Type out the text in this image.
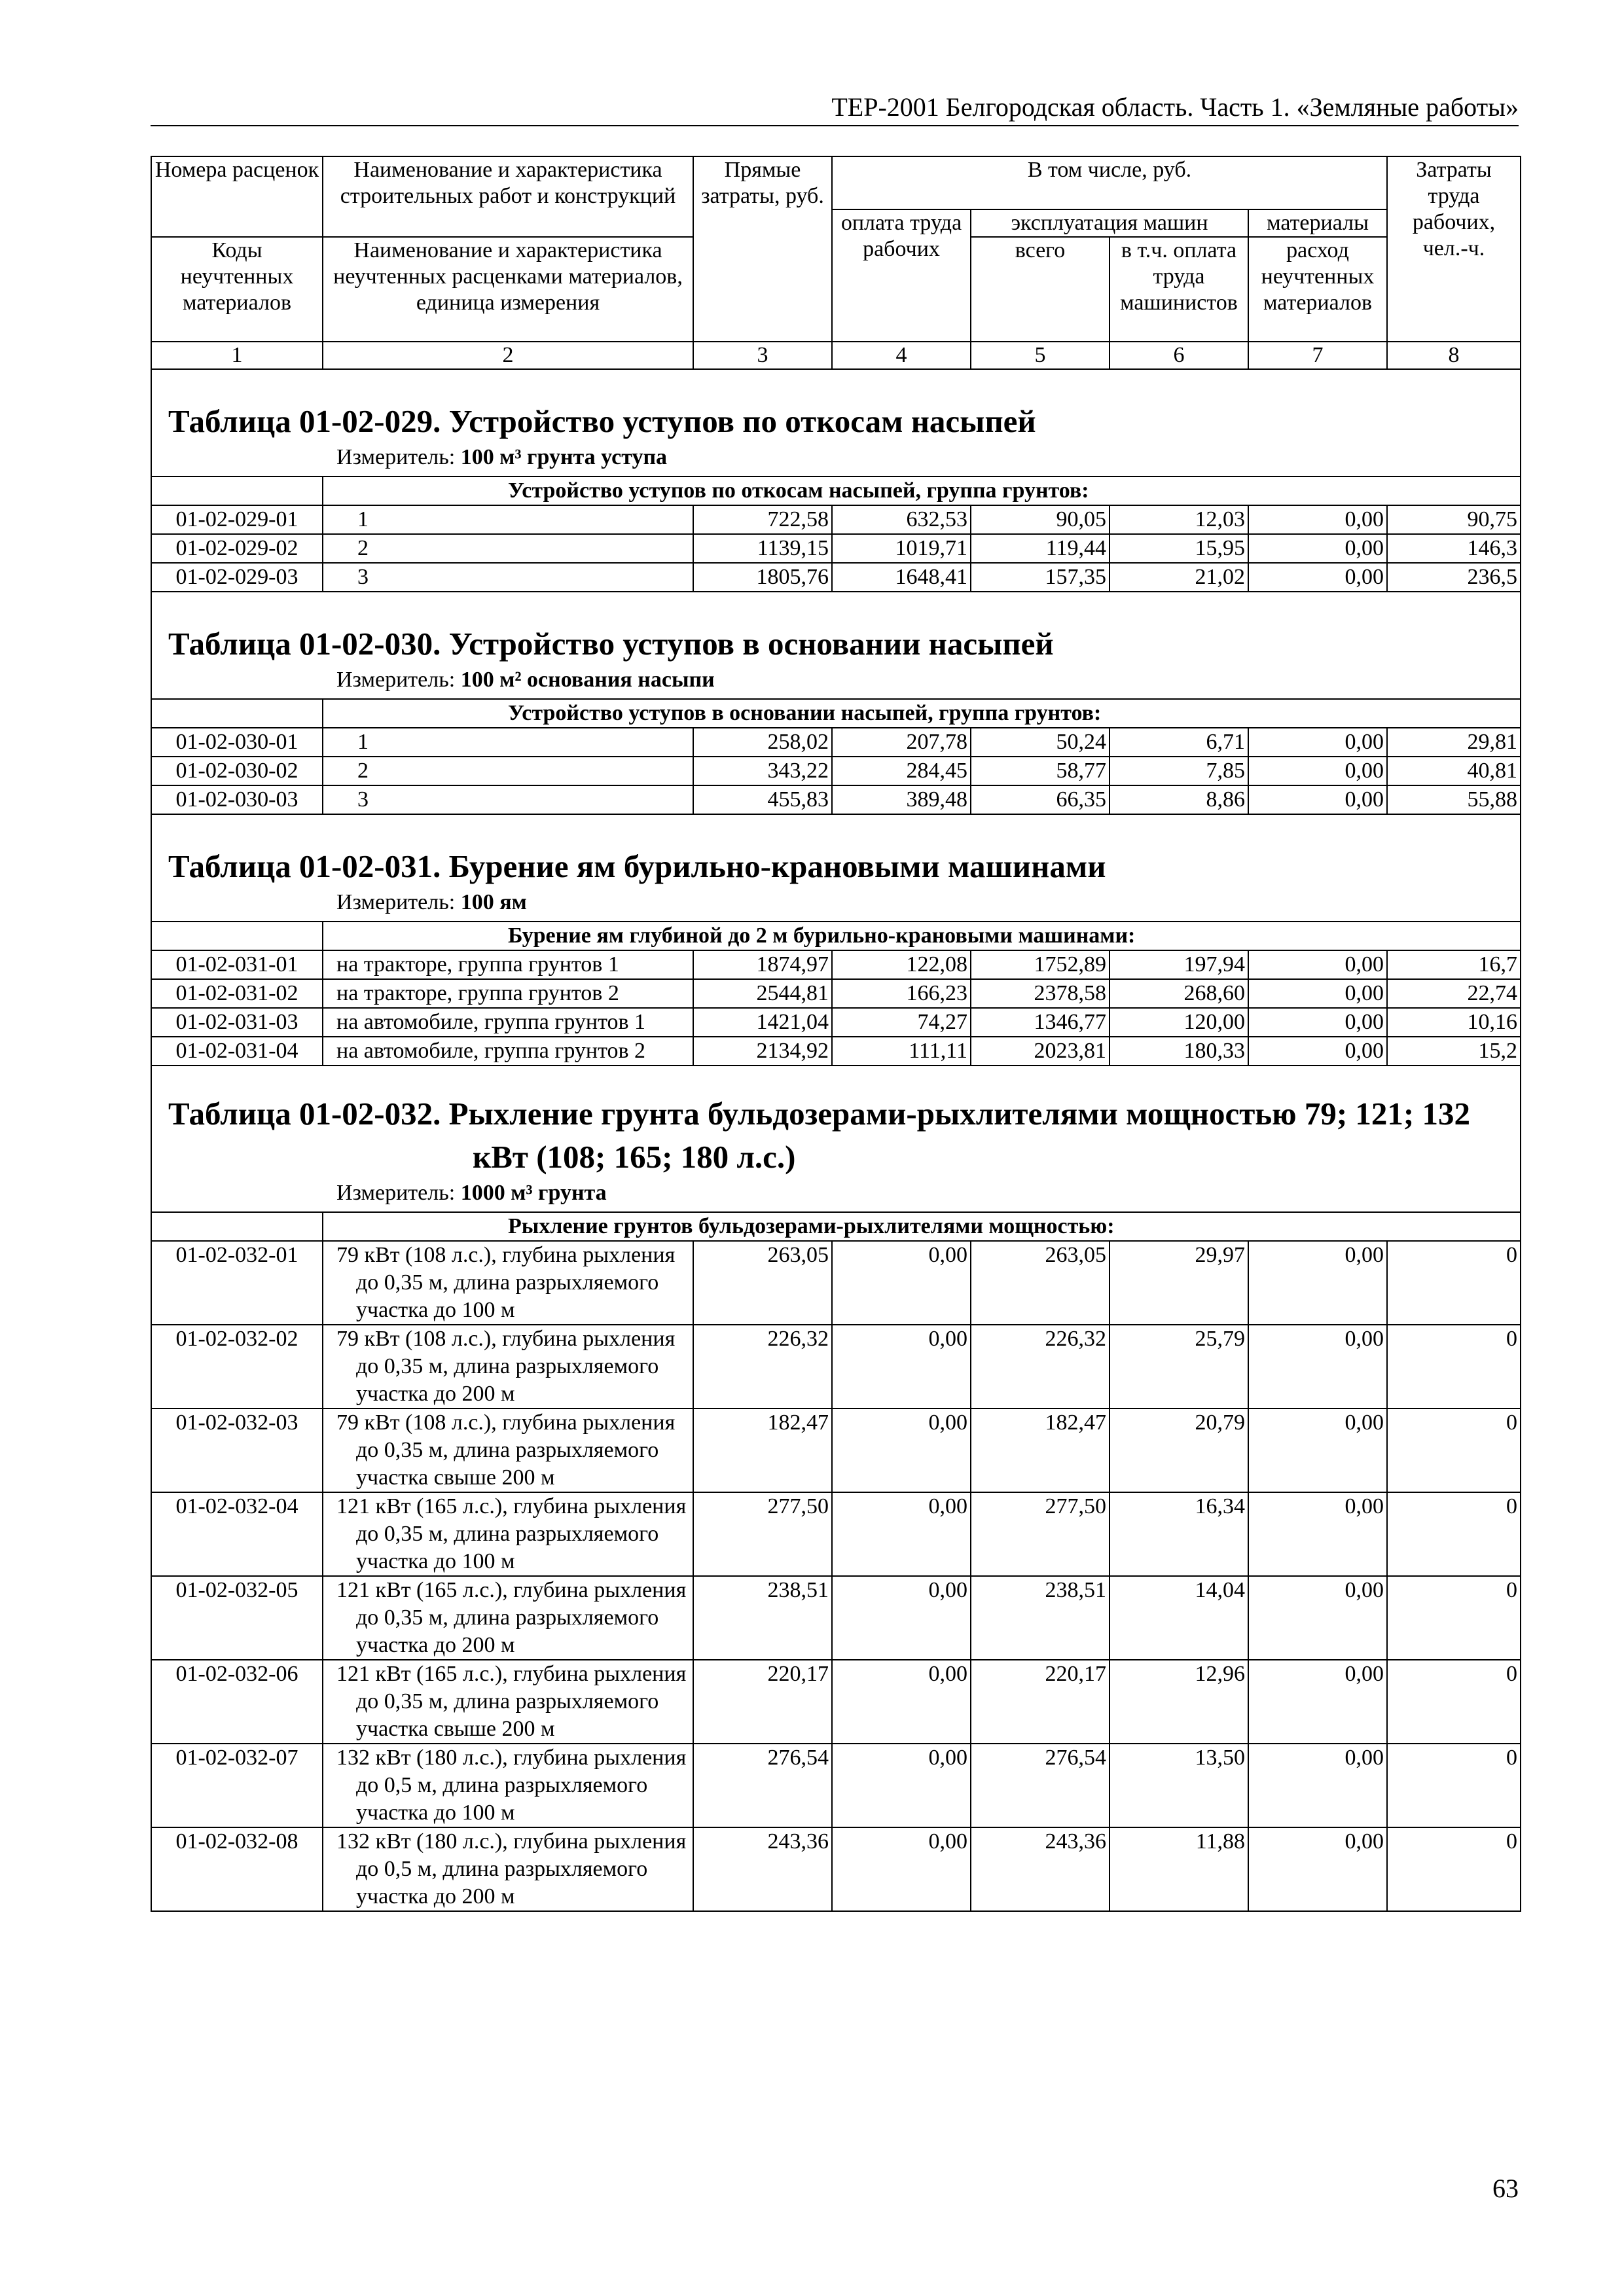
ТЕР-2001 Белгородская область. Часть 1. «Земляные работы»
Номера расценок	Наименование и характеристика строительных работ и конструкций	Прямые затраты, руб.	В том числе, руб.				Затраты труда рабочих, чел.-ч.
			оплата труда рабочих	эксплуатация машин		материалы	
Коды неучтенных материалов	Наименование и характеристика неучтенных расценками материалов, единица измерения			всего	в т.ч. оплата труда машинистов	расход неучтенных материалов	

1	2	3	4	5	6	7	8

Таблица 01-02-029. Устройство уступов по откосам насыпей
Измеритель: 100 м³ грунта уступа							

	Устройство уступов по откосам насыпей, группа грунтов:						
01-02-029-01	1	722,58	632,53	90,05	12,03	0,00	90,75
01-02-029-02	2	1139,15	1019,71	119,44	15,95	0,00	146,3
01-02-029-03	3	1805,76	1648,41	157,35	21,02	0,00	236,5

Таблица 01-02-030. Устройство уступов в основании насыпей
Измеритель: 100 м² основания насыпи							

	Устройство уступов в основании насыпей, группа грунтов:						
01-02-030-01	1	258,02	207,78	50,24	6,71	0,00	29,81
01-02-030-02	2	343,22	284,45	58,77	7,85	0,00	40,81
01-02-030-03	3	455,83	389,48	66,35	8,86	0,00	55,88

Таблица 01-02-031. Бурение ям бурильно-крановыми машинами
Измеритель: 100 ям							

	Бурение ям глубиной до 2 м бурильно-крановыми машинами:						
01-02-031-01	на тракторе, группа грунтов 1	1874,97	122,08	1752,89	197,94	0,00	16,7
01-02-031-02	на тракторе, группа грунтов 2	2544,81	166,23	2378,58	268,60	0,00	22,74
01-02-031-03	на автомобиле, группа грунтов 1	1421,04	74,27	1346,77	120,00	0,00	10,16
01-02-031-04	на автомобиле, группа грунтов 2	2134,92	111,11	2023,81	180,33	0,00	15,2

Таблица 01-02-032. Рыхление грунта бульдозерами-рыхлителями мощностью 79; 121; 132
кВт (108; 165; 180 л.с.)
Измеритель: 1000 м³ грунта							

	Рыхление грунтов бульдозерами-рыхлителями мощностью:						
01-02-032-01	79 кВт (108 л.с.), глубина рыхления до 0,35 м, длина разрыхляемого участка до 100 м	263,05	0,00	263,05	29,97	0,00	0
01-02-032-02	79 кВт (108 л.с.), глубина рыхления до 0,35 м, длина разрыхляемого участка до 200 м	226,32	0,00	226,32	25,79	0,00	0
01-02-032-03	79 кВт (108 л.с.), глубина рыхления до 0,35 м, длина разрыхляемого участка свыше 200 м	182,47	0,00	182,47	20,79	0,00	0
01-02-032-04	121 кВт (165 л.с.), глубина рыхления до 0,35 м, длина разрыхляемого участка до 100 м	277,50	0,00	277,50	16,34	0,00	0
01-02-032-05	121 кВт (165 л.с.), глубина рыхления до 0,35 м, длина разрыхляемого участка до 200 м	238,51	0,00	238,51	14,04	0,00	0
01-02-032-06	121 кВт (165 л.с.), глубина рыхления до 0,35 м, длина разрыхляемого участка свыше 200 м	220,17	0,00	220,17	12,96	0,00	0
01-02-032-07	132 кВт (180 л.с.), глубина рыхления до 0,5 м, длина разрыхляемого участка до 100 м	276,54	0,00	276,54	13,50	0,00	0
01-02-032-08	132 кВт (180 л.с.), глубина рыхления до 0,5 м, длина разрыхляемого участка до 200 м	243,36	0,00	243,36	11,88	0,00	0
63
